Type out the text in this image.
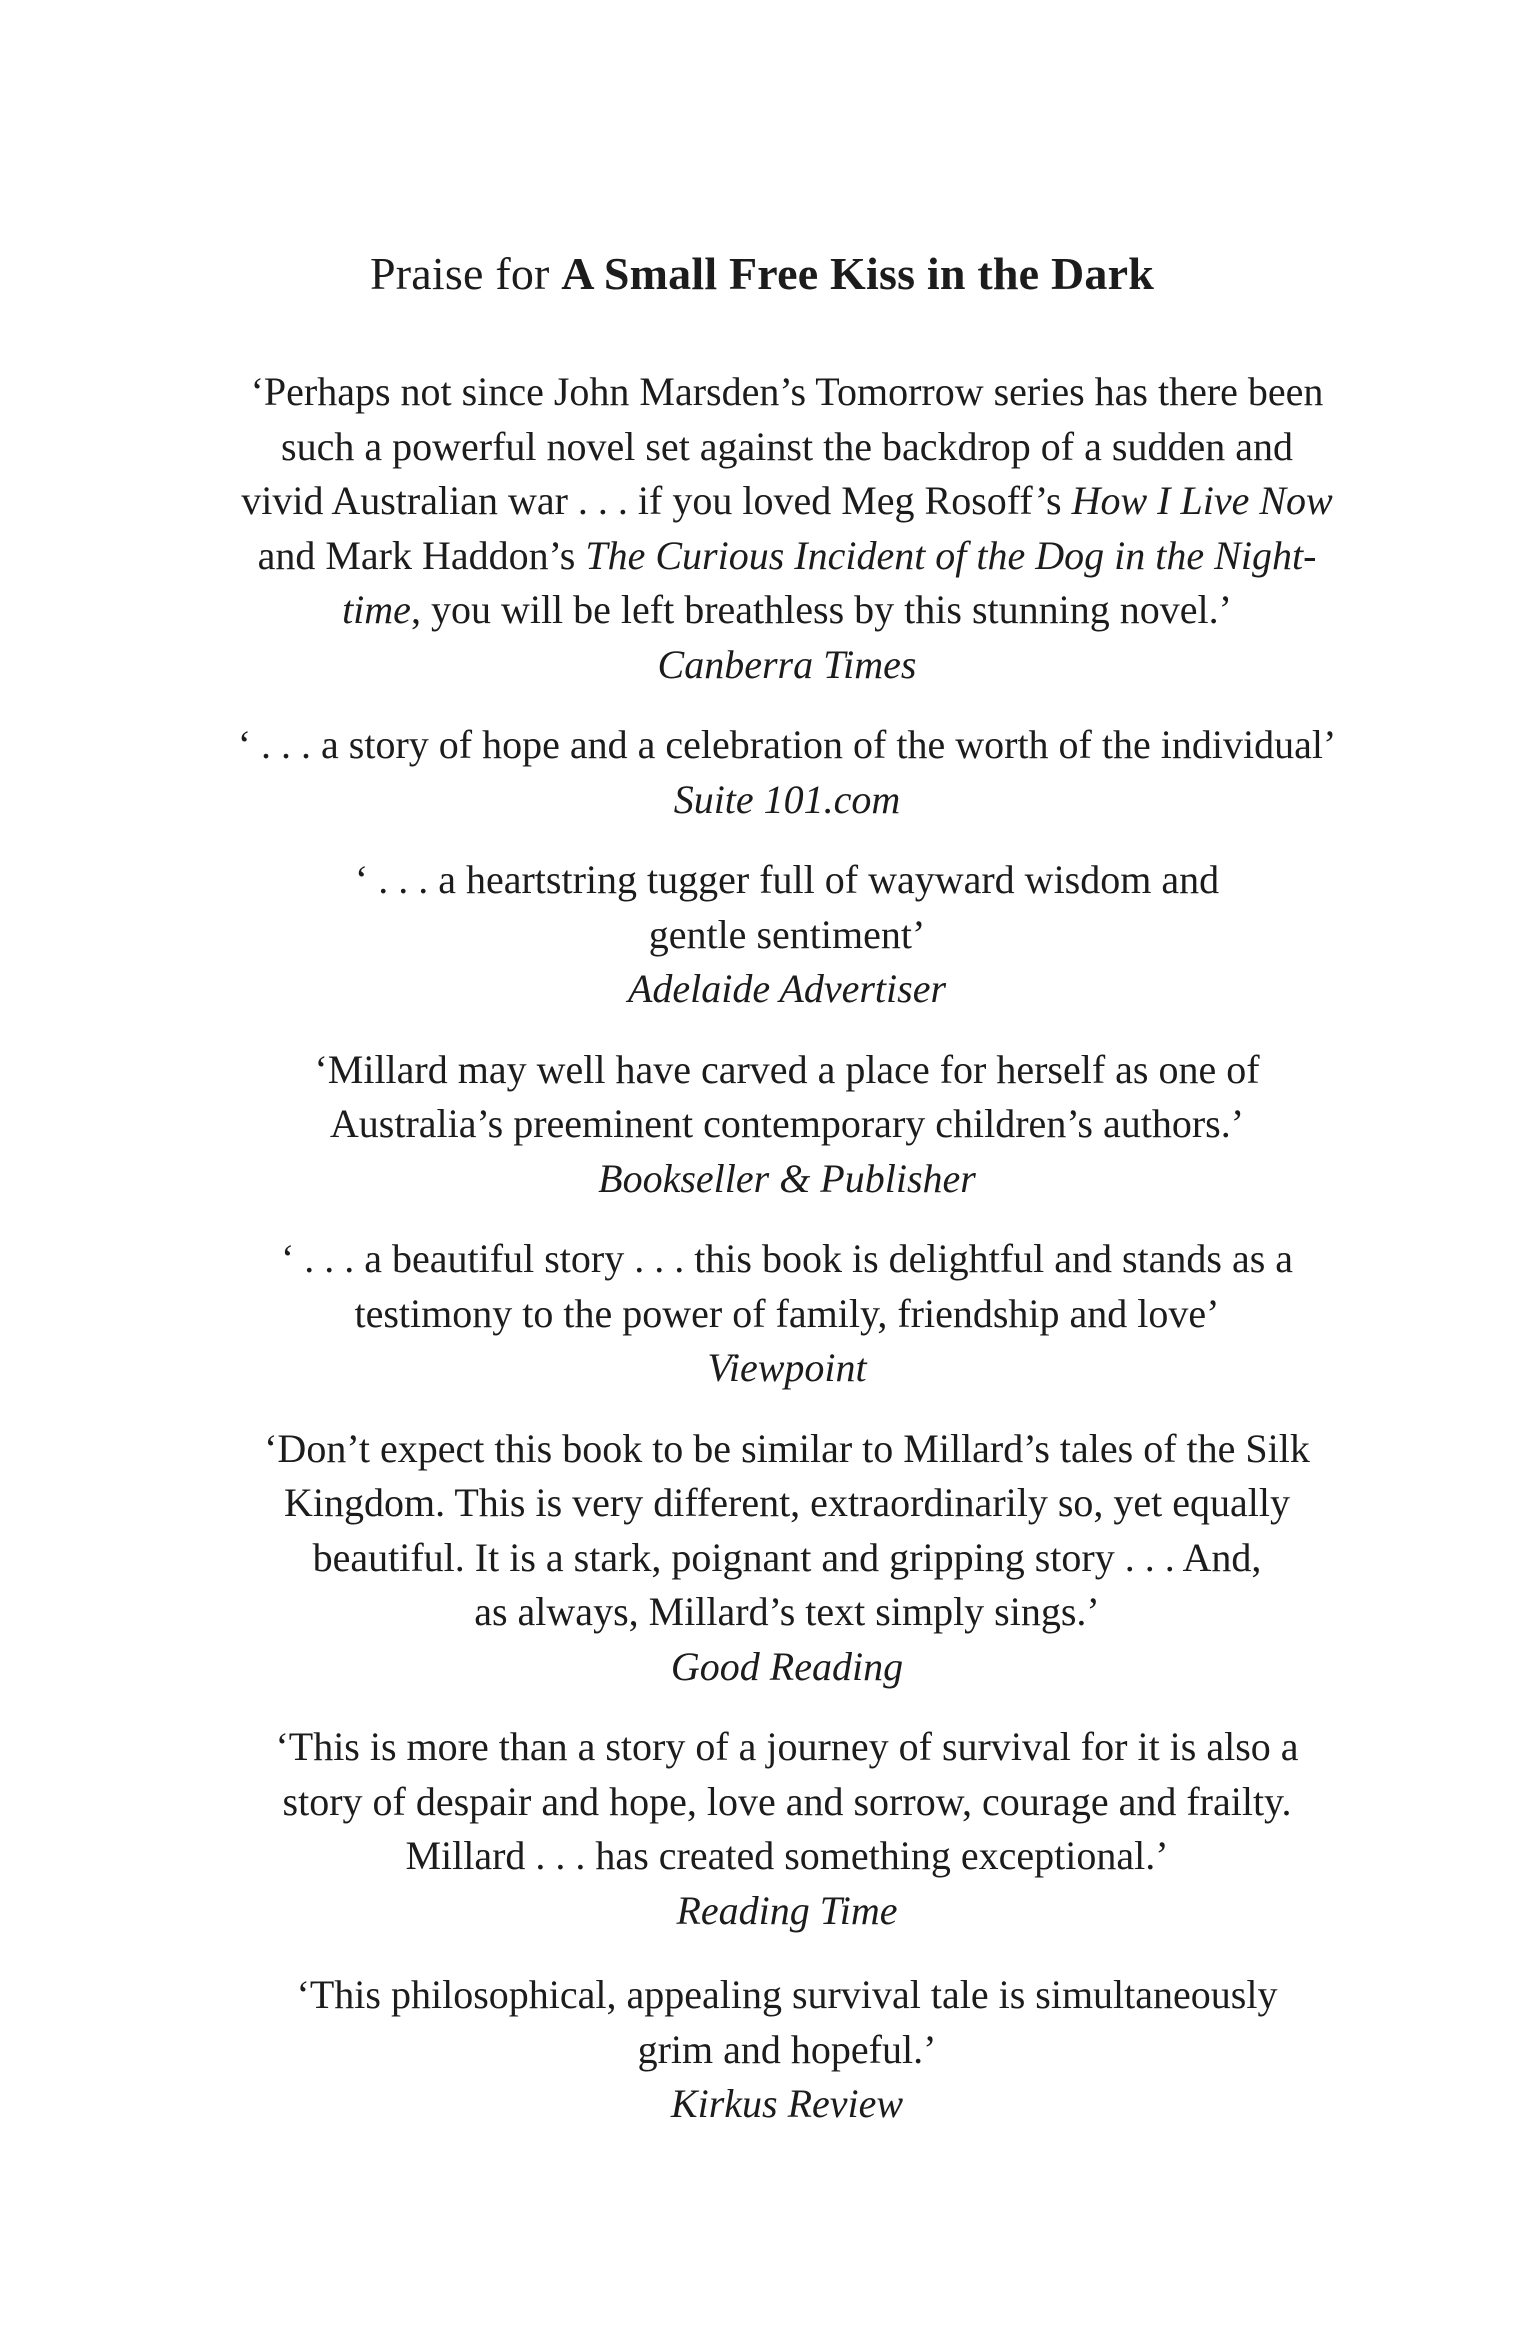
Praise for A Small Free Kiss in the Dark
‘Perhaps not since John Marsden’s Tomorrow series has there been
such a powerful novel set against the backdrop of a sudden and
vivid Australian war . . . if you loved Meg Rosoff’s How I Live Now
and Mark Haddon’s The Curious Incident of the Dog in the Night-
time, you will be left breathless by this stunning novel.’
Canberra Times
‘ . . . a story of hope and a celebration of the worth of the individual’
Suite 101.com
‘ . . . a heartstring tugger full of wayward wisdom and
gentle sentiment’
Adelaide Advertiser
‘Millard may well have carved a place for herself as one of
Australia’s preeminent contemporary children’s authors.’
Bookseller & Publisher
‘ . . . a beautiful story . . . this book is delightful and stands as a
testimony to the power of family, friendship and love’
Viewpoint
‘Don’t expect this book to be similar to Millard’s tales of the Silk
Kingdom. This is very different, extraordinarily so, yet equally
beautiful. It is a stark, poignant and gripping story . . . And,
as always, Millard’s text simply sings.’
Good Reading
‘This is more than a story of a journey of survival for it is also a
story of despair and hope, love and sorrow, courage and frailty.
Millard . . . has created something exceptional.’
Reading Time
‘This philosophical, appealing survival tale is simultaneously
grim and hopeful.’
Kirkus Review
